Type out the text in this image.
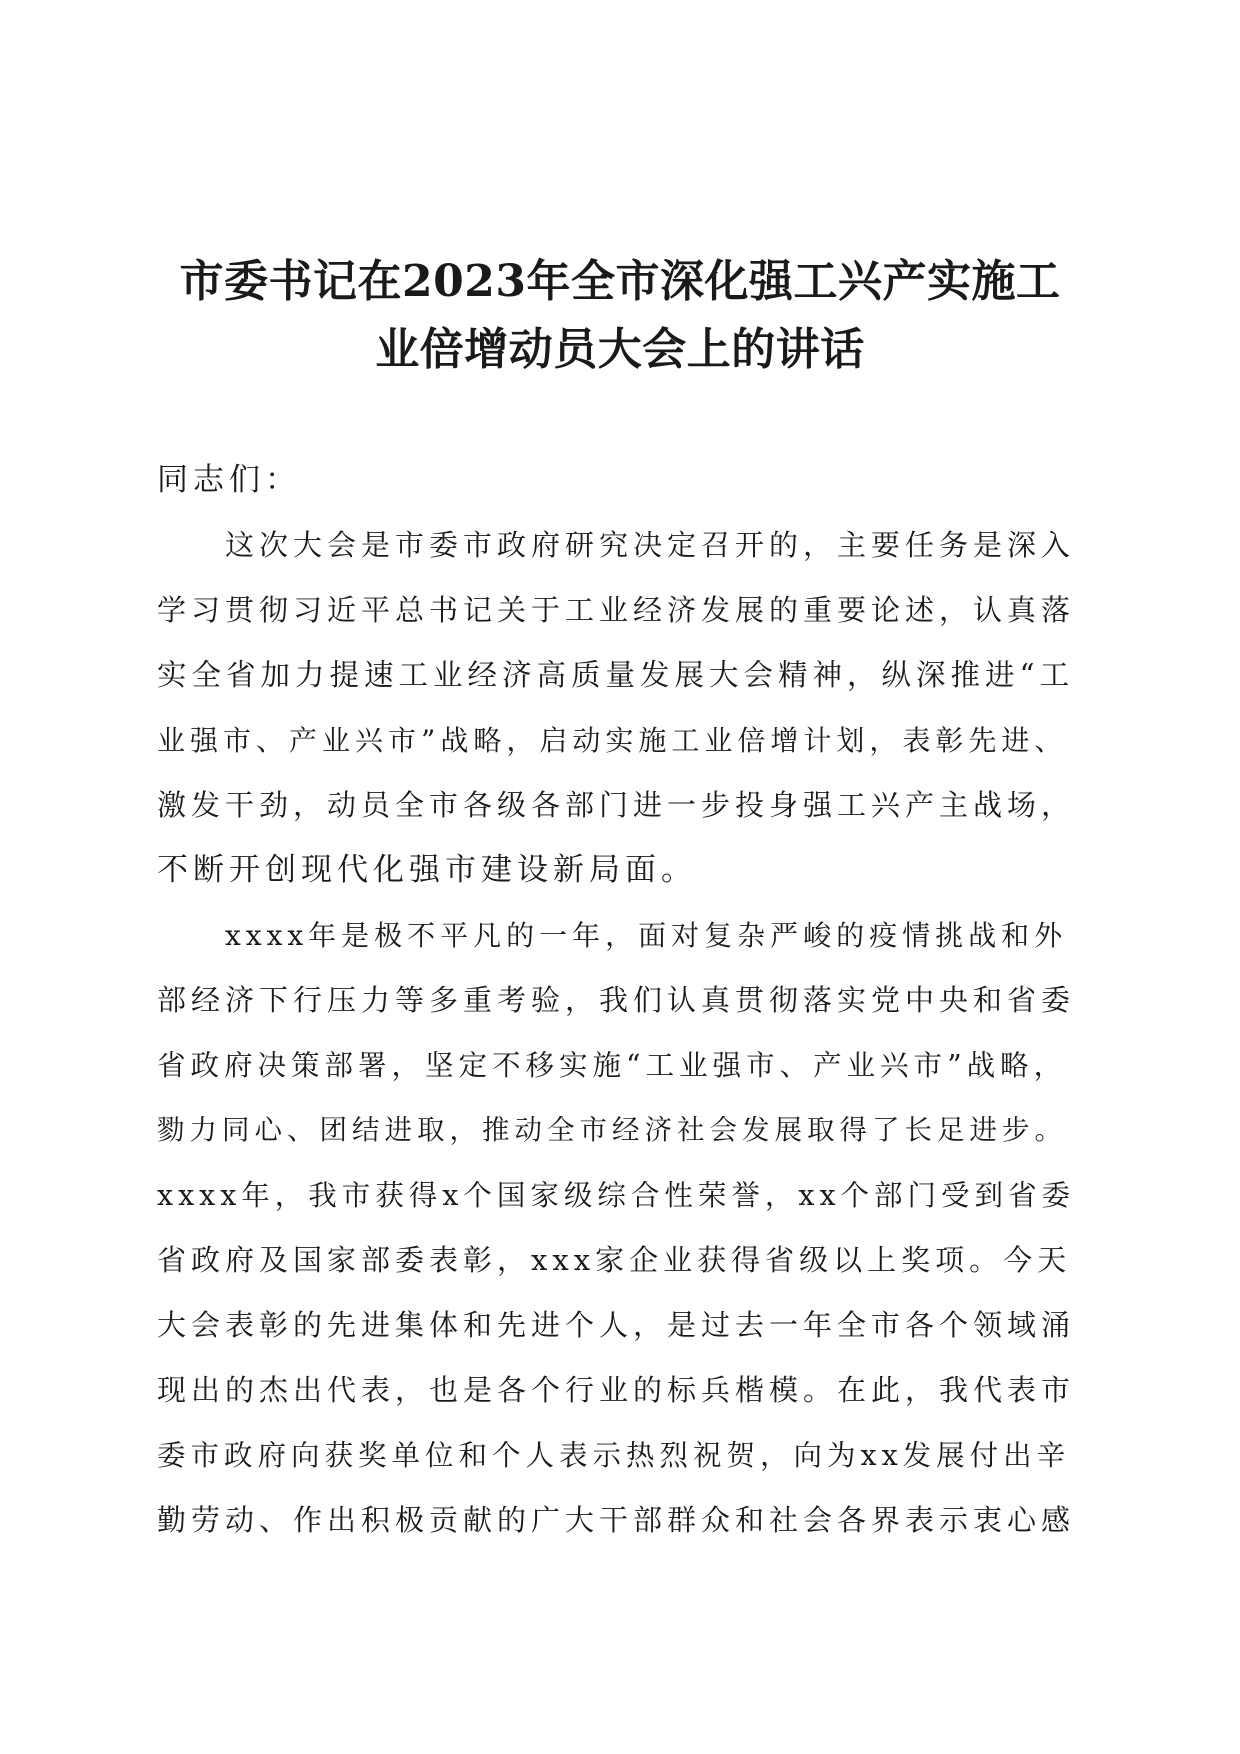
市委书记在2023年全市深化强工兴产实施工
业倍增动员大会上的讲话
同志们：
这次大会是市委市政府研究决定召开的，主要任务是深入
学习贯彻习近平总书记关于工业经济发展的重要论述，认真落
实全省加力提速工业经济高质量发展大会精神，纵深推进“工
业强市、产业兴市”战略，启动实施工业倍增计划，表彰先进、
激发干劲，动员全市各级各部门进一步投身强工兴产主战场，
不断开创现代化强市建设新局面。
xxxx年是极不平凡的一年，面对复杂严峻的疫情挑战和外
部经济下行压力等多重考验，我们认真贯彻落实党中央和省委
省政府决策部署，坚定不移实施“工业强市、产业兴市”战略，
勠力同心、团结进取，推动全市经济社会发展取得了长足进步。
xxxx年，我市获得x个国家级综合性荣誉，xx个部门受到省委
省政府及国家部委表彰，xxx家企业获得省级以上奖项。今天
大会表彰的先进集体和先进个人，是过去一年全市各个领域涌
现出的杰出代表，也是各个行业的标兵楷模。在此，我代表市
委市政府向获奖单位和个人表示热烈祝贺，向为xx发展付出辛
勤劳动、作出积极贡献的广大干部群众和社会各界表示衷心感
